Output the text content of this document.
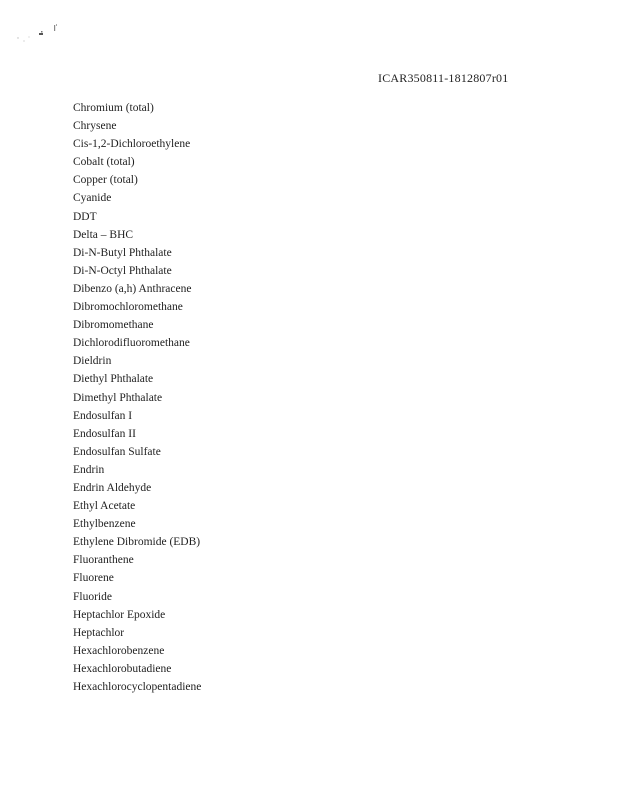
ICAR350811-1812807r01
Chromium (total)
Chrysene
Cis-1,2-Dichloroethylene
Cobalt (total)
Copper (total)
Cyanide
DDT
Delta – BHC
Di-N-Butyl Phthalate
Di-N-Octyl Phthalate
Dibenzo (a,h) Anthracene
Dibromochloromethane
Dibromomethane
Dichlorodifluoromethane
Dieldrin
Diethyl Phthalate
Dimethyl Phthalate
Endosulfan I
Endosulfan II
Endosulfan Sulfate
Endrin
Endrin Aldehyde
Ethyl Acetate
Ethylbenzene
Ethylene Dibromide (EDB)
Fluoranthene
Fluorene
Fluoride
Heptachlor Epoxide
Heptachlor
Hexachlorobenzene
Hexachlorobutadiene
Hexachlorocyclopentadiene
